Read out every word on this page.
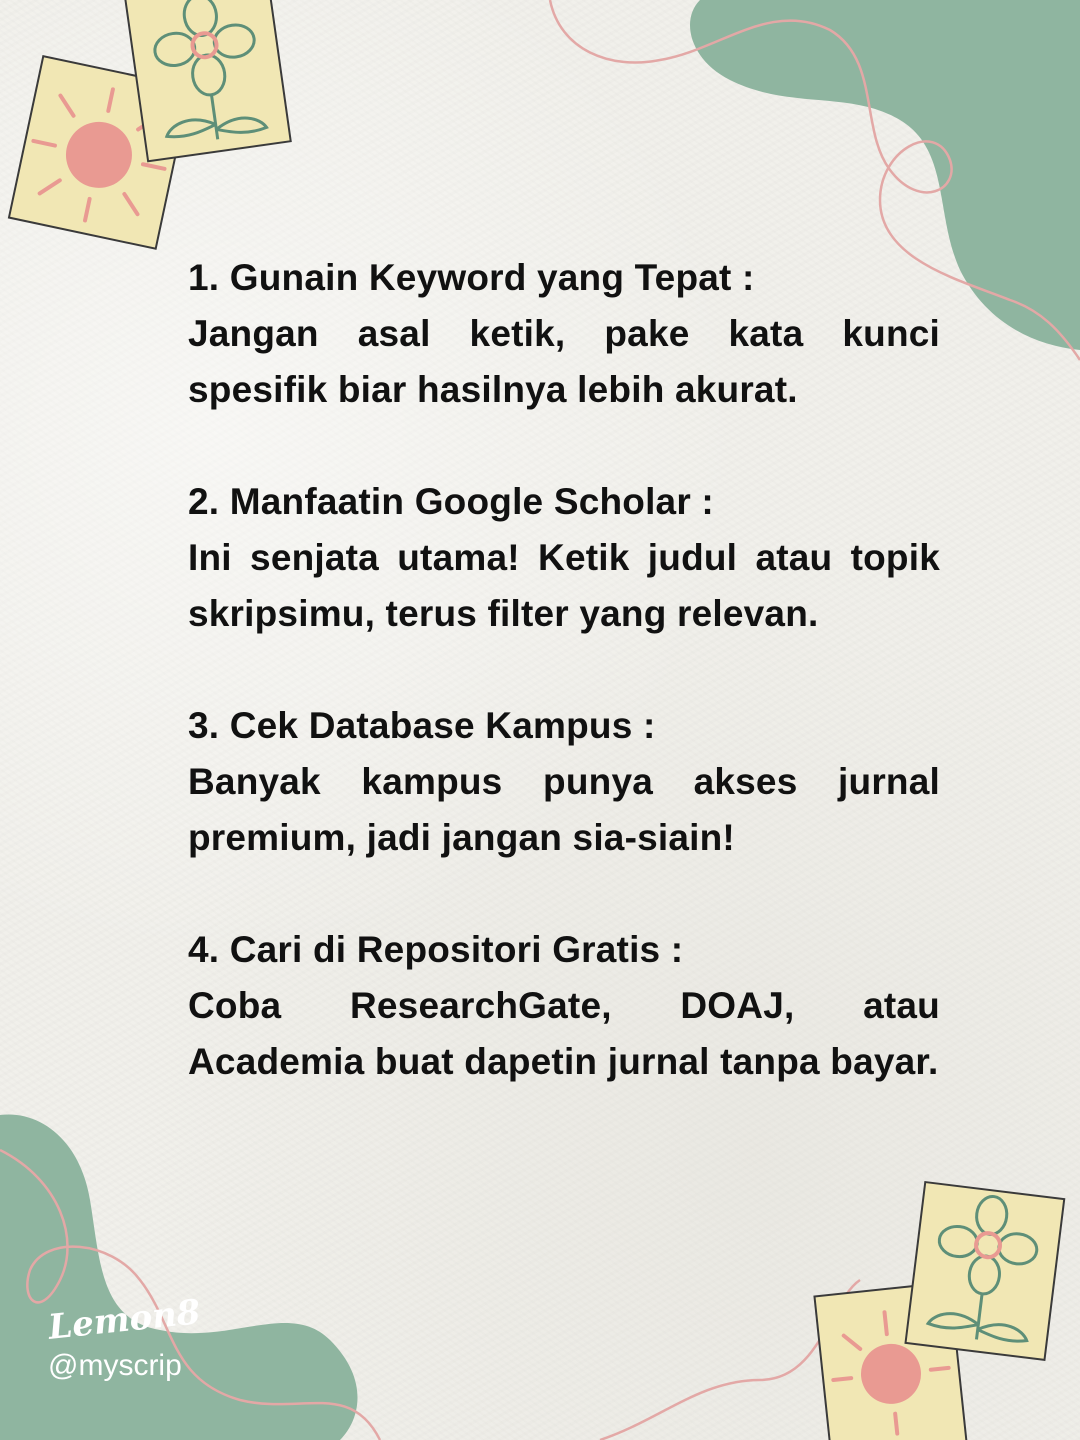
1. Gunain Keyword yang Tepat :

Jangan asal ketik, pake kata kunci spesifik biar hasilnya lebih akurat.

2. Manfaatin Google Scholar :

Ini senjata utama! Ketik judul atau topik skripsimu, terus filter yang relevan.

3. Cek Database Kampus :

Banyak kampus punya akses jurnal premium, jadi jangan sia-siain!

4. Cari di Repositori Gratis :

Coba ResearchGate, DOAJ, atau Academia buat dapetin jurnal tanpa bayar.

Lemon8
@myscrip
